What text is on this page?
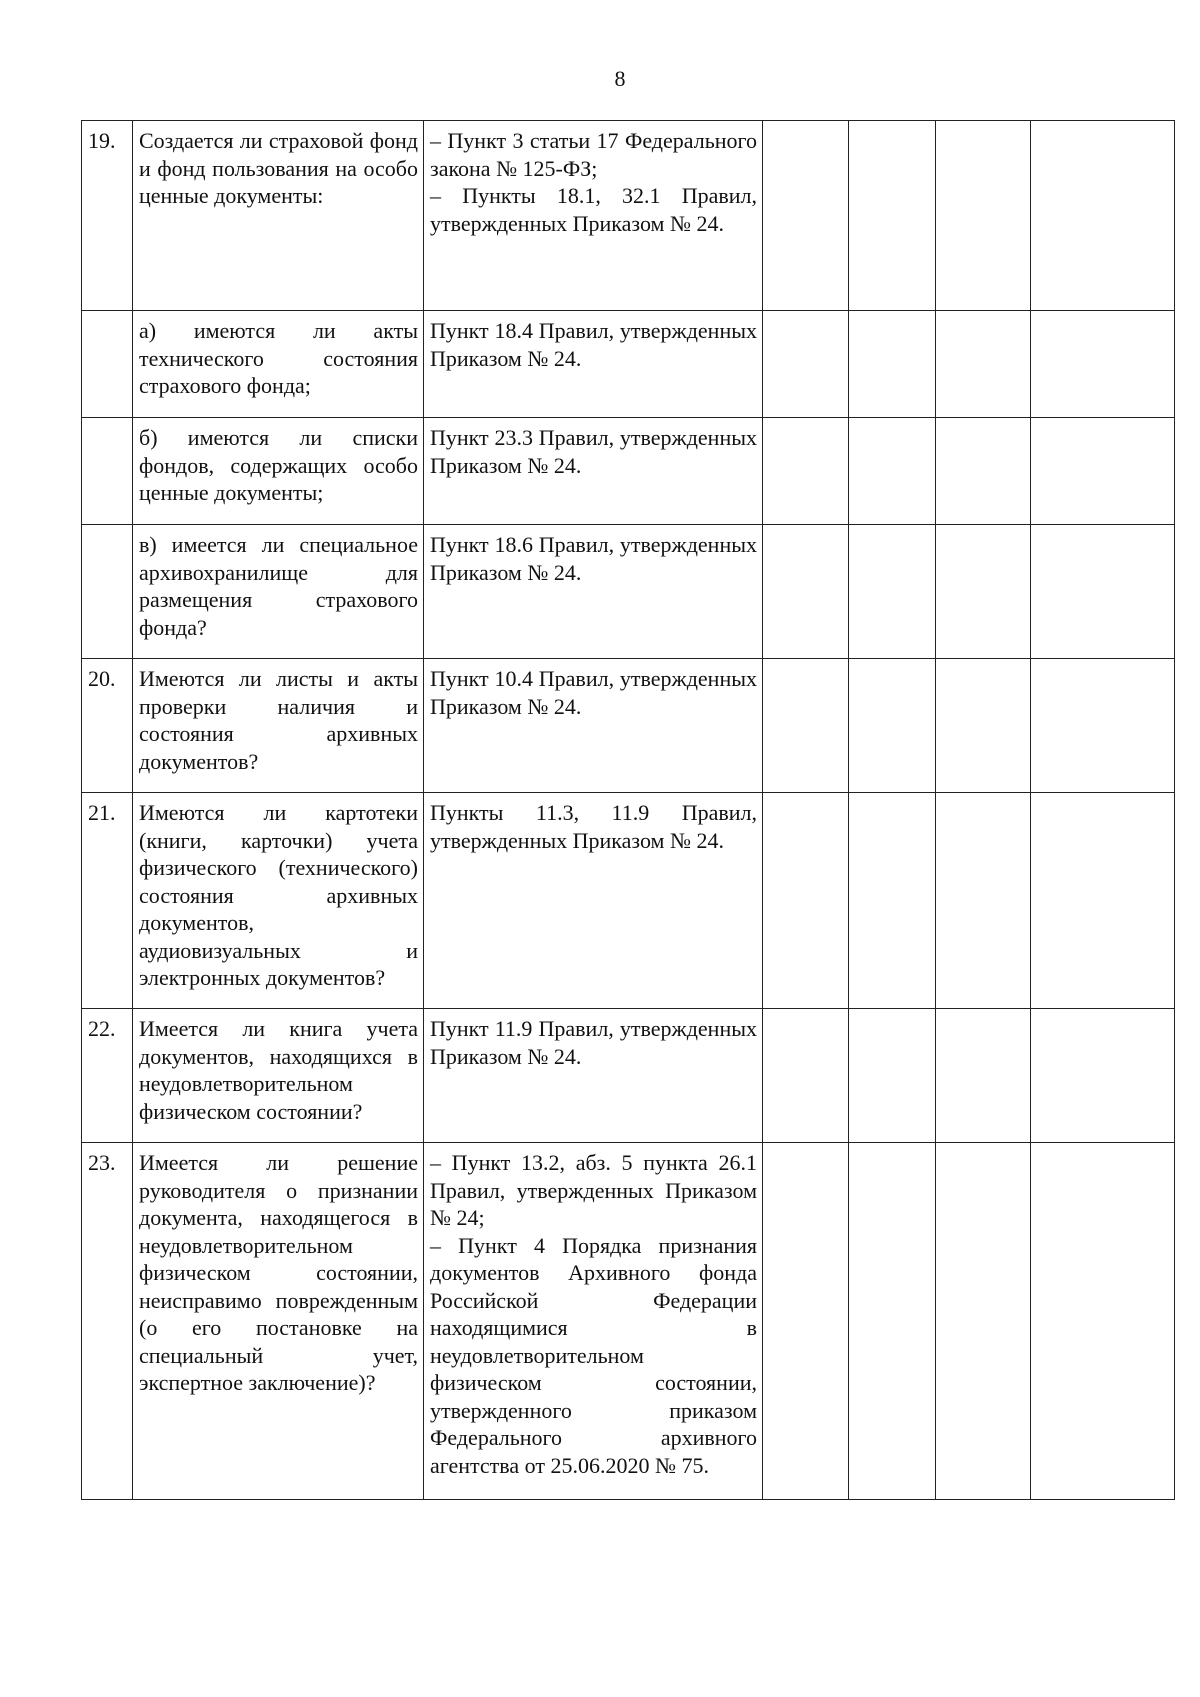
8
19.	Создается ли страховой фонд и фонд пользования на особо ценные документы:	– Пункт 3 статьи 17 Федерального закона № 125-ФЗ;

– Пункты 18.1, 32.1 Правил, утвержденных Приказом № 24.				

	а) имеются ли акты технического состояния страхового фонда;	Пункт 18.4 Правил, утвержденных Приказом № 24.				

	б) имеются ли списки фондов, содержащих особо ценные документы;	Пункт 23.3 Правил, утвержденных Приказом № 24.				

	в) имеется ли специальное архивохранилище для размещения страхового фонда?	Пункт 18.6 Правил, утвержденных Приказом № 24.				

20.	Имеются ли листы и акты проверки наличия и состояния архивных документов?	Пункт 10.4 Правил, утвержденных Приказом № 24.				

21.	Имеются ли картотеки (книги, карточки) учета физического (технического) состояния архивных документов, аудиовизуальных и электронных документов?	Пункты 11.3, 11.9 Правил, утвержденных Приказом № 24.				

22.	Имеется ли книга учета документов, находящихся в неудовлетворительном физическом состоянии?	Пункт 11.9 Правил, утвержденных Приказом № 24.				

23.	Имеется ли решение руководителя о признании документа, находящегося в неудовлетворительном физическом состоянии, неисправимо поврежденным (о его постановке на специальный учет, экспертное заключение)?	– Пункт 13.2, абз. 5 пункта 26.1 Правил, утвержденных Приказом № 24;

– Пункт 4 Порядка признания документов Архивного фонда Российской Федерации находящимися в неудовлетворительном физическом состоянии, утвержденного приказом Федерального архивного агентства от 25.06.2020 № 75.				
